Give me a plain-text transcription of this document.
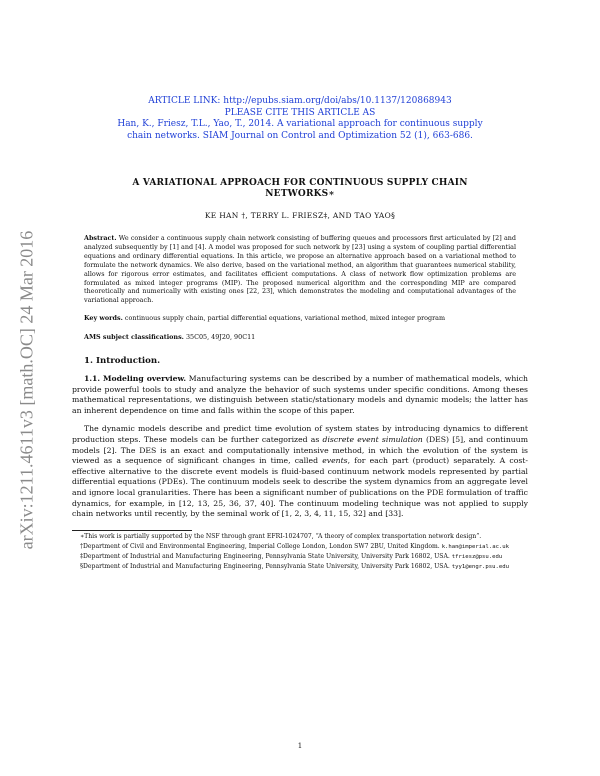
arXiv:1211.4611v3 [math.OC] 24 Mar 2016

ARTICLE LINK: http://epubs.siam.org/doi/abs/10.1137/120868943

PLEASE CITE THIS ARTICLE AS

Han, K., Friesz, T.L., Yao, T., 2014. A variational approach for continuous supply

chain networks. SIAM Journal on Control and Optimization 52 (1), 663-686.

A VARIATIONAL APPROACH FOR CONTINUOUS SUPPLY CHAIN
NETWORKS∗

KE HAN †, TERRY L. FRIESZ‡, AND TAO YAO§

Abstract. We consider a continuous supply chain network consisting of buffering queues and processors first articulated by [2] and analyzed subsequently by [1] and [4]. A model was proposed for such network by [23] using a system of coupling partial differential equations and ordinary differential equations. In this article, we propose an alternative approach based on a variational method to formulate the network dynamics. We also derive, based on the variational method, an algorithm that guarantees numerical stability, allows for rigorous error estimates, and facilitates efficient computations. A class of network flow optimization problems are formulated as mixed integer programs (MIP). The proposed numerical algorithm and the corresponding MIP are compared theoretically and numerically with existing ones [22, 23], which demonstrates the modeling and computational advantages of the variational approach.

Key words. continuous supply chain, partial differential equations, variational method, mixed integer program

AMS subject classifications. 35C05, 49J20, 90C11

1. Introduction.

1.1. Modeling overview. Manufacturing systems can be described by a number of mathematical models, which provide powerful tools to study and analyze the behavior of such systems under specific conditions. Among theses mathematical representations, we distinguish between static/stationary models and dynamic models; the latter has an inherent dependence on time and falls within the scope of this paper.

The dynamic models describe and predict time evolution of system states by introducing dynamics to different production steps. These models can be further categorized as discrete event simulation (DES) [5], and continuum models [2]. The DES is an exact and computationally intensive method, in which the evolution of the system is viewed as a sequence of significant changes in time, called events, for each part (product) separately. A cost-effective alternative to the discrete event models is fluid-based continuum network models represented by partial differential equations (PDEs). The continuum models seek to describe the system dynamics from an aggregate level and ignore local granularities. There has been a significant number of publications on the PDE formulation of traffic dynamics, for example, in [12, 13, 25, 36, 37, 40]. The continuum modeling technique was not applied to supply chain networks until recently, by the seminal work of [1, 2, 3, 4, 11, 15, 32] and [33].

∗This work is partially supported by the NSF through grant EFRI-1024707, “A theory of complex transportation network design”.

†Department of Civil and Environmental Engineering, Imperial College London, London SW7 2BU, United Kingdom. k.han@imperial.ac.uk

‡Department of Industrial and Manufacturing Engineering, Pennsylvania State University, University Park 16802, USA. tfriesz@psu.edu

§Department of Industrial and Manufacturing Engineering, Pennsylvania State University, University Park 16802, USA. tyy1@engr.psu.edu

1
